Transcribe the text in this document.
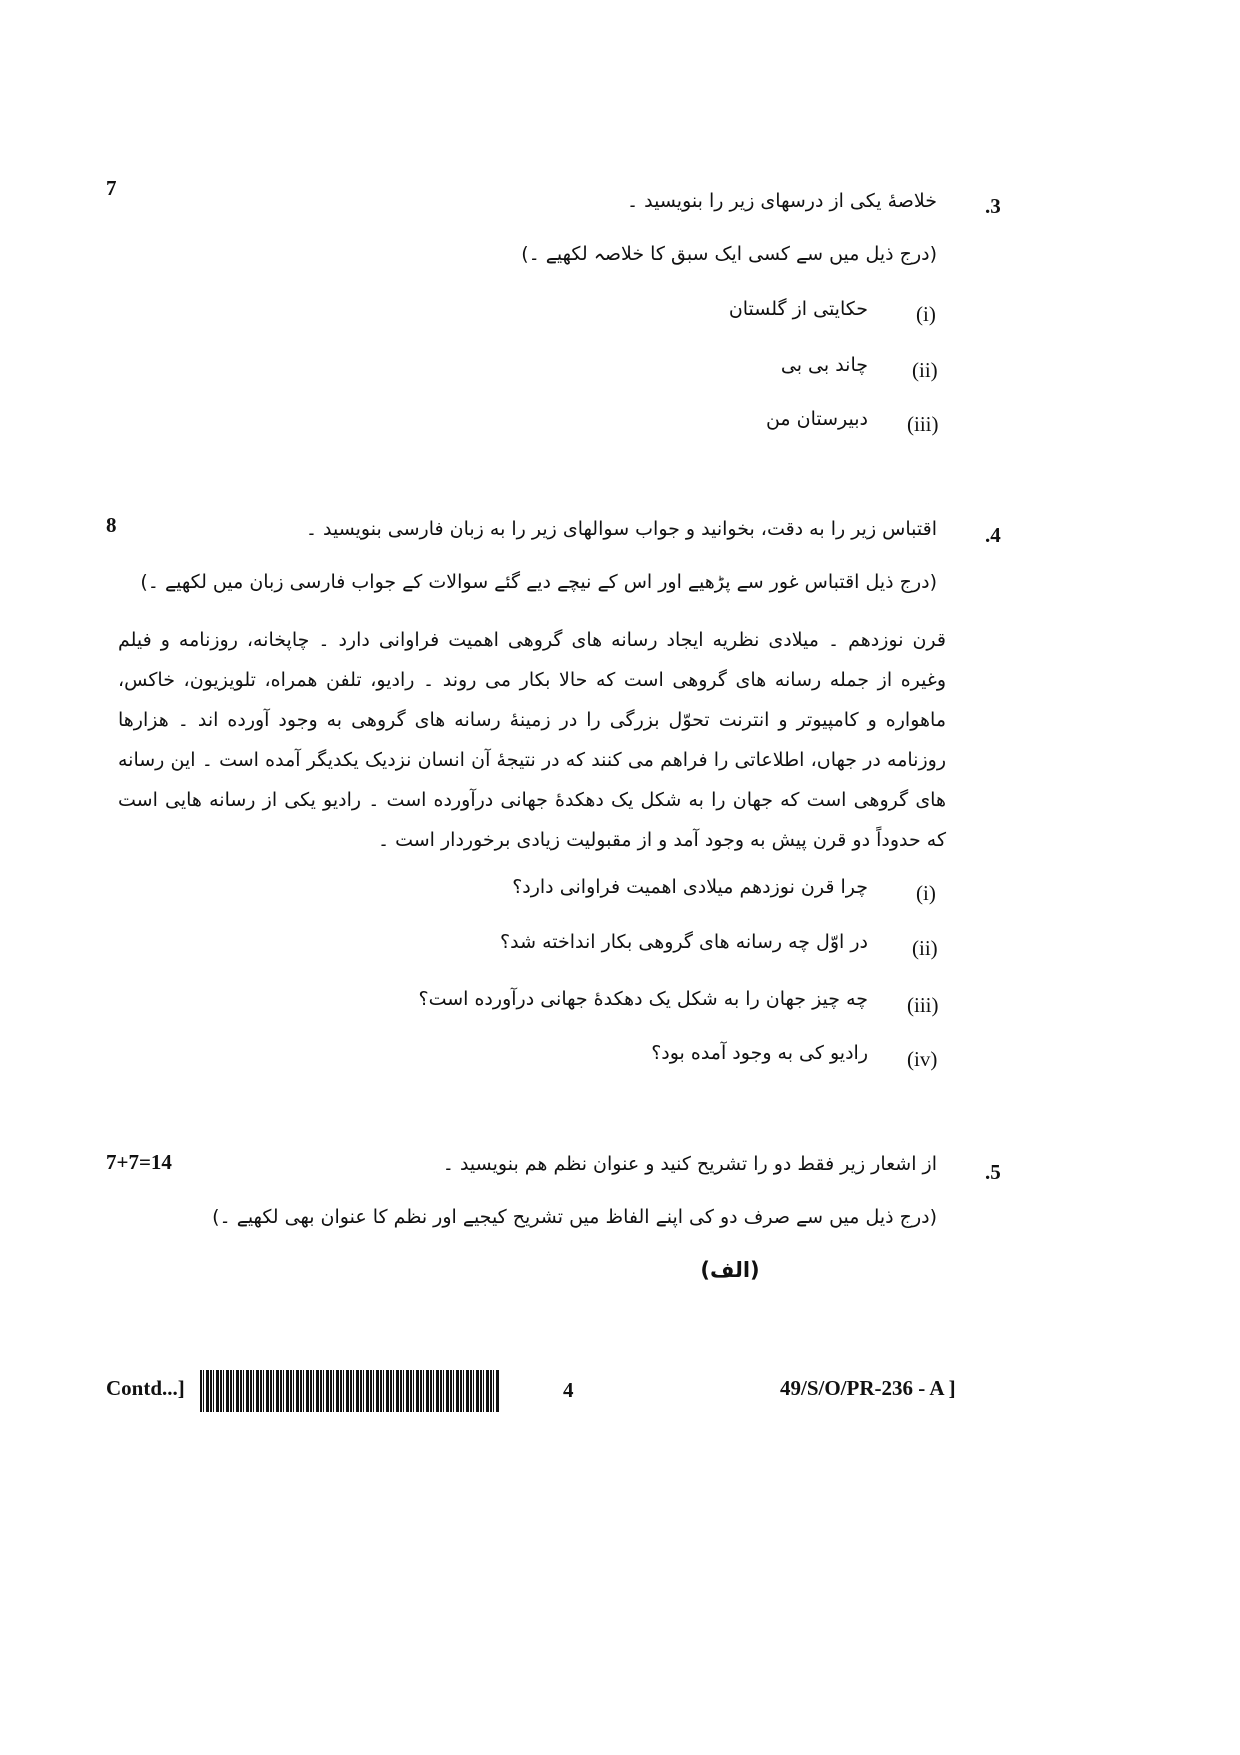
7
.3
خلاصهٔ یکی از درسهای زیر را بنویسید ۔
(درج ذیل میں سے کسی ایک سبق کا خلاصہ لکھیے ۔)
(i)
حکایتی از گلستان
(ii)
چاند بی بی
(iii)
دبیرستان من
8	.4
اقتباس زیر را به دقت، بخوانید و جواب سوالهای زیر را به زبان فارسی بنویسید ۔
(درج ذیل اقتباس غور سے پڑھیے اور اس کے نیچے دیے گئے سوالات کے جواب فارسی زبان میں لکھیے ۔)
قرن نوزدهم ۔ میلادی نظریه ایجاد رسانه های گروهی اهمیت فراوانی دارد ۔ چاپخانه، روزنامه و فیلم وغیره از جمله رسانه های گروهی است که حالا بکار می روند ۔ رادیو، تلفن همراه، تلویزیون، خاکس، ماهواره و کامپیوتر و انترنت تحوّل بزرگی را در زمینهٔ رسانه های گروهی به وجود آورده اند ۔ هزارها روزنامه در جهاں، اطلاعاتی را فراهم می کنند که در نتیجهٔ آن انسان نزدیک یکدیگر آمده است ۔ این رسانه های گروهی است که جهان را به شکل یک دهکدهٔ جهانی درآورده است ۔ رادیو یکی از رسانه هایی است که حدوداً دو قرن پیش به وجود آمد و از مقبولیت زیادی برخوردار است ۔
(i)
چرا قرن نوزدهم میلادی اهمیت فراوانی دارد؟
(ii)
در اوّل چه رسانه های گروهی بکار انداخته شد؟
(iii)
چه چیز جهان را به شکل یک دهکدهٔ جهانی درآورده است؟
(iv)
رادیو کی به وجود آمده بود؟
7+7=14	.5
از اشعار زیر فقط دو را تشریح کنید و عنوان نظم هم بنویسید ۔
(درج ذیل میں سے صرف دو کی اپنے الفاظ میں تشریح کیجیے اور نظم کا عنوان بھی لکھیے ۔)
(الف)
Contd...]	4	49/S/O/PR-236 - A ]
